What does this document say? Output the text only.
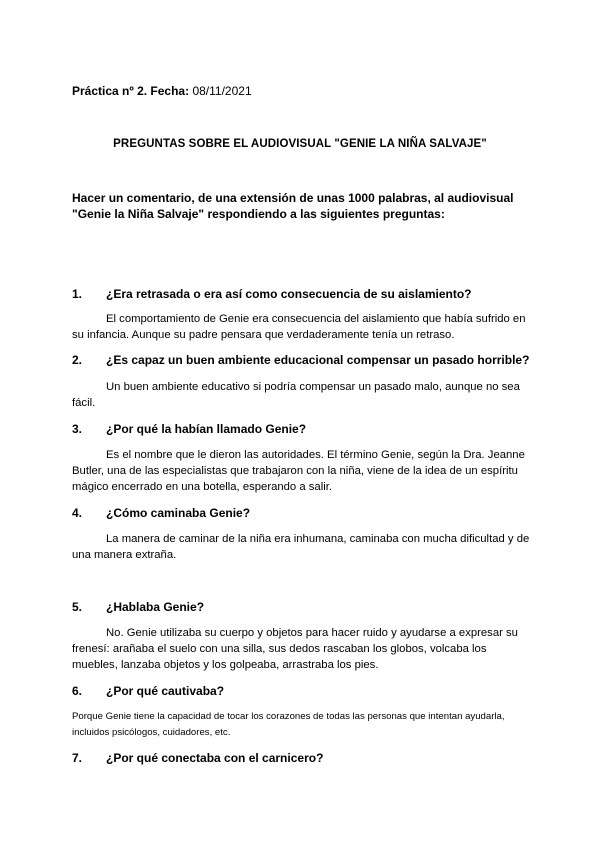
Práctica nº 2. Fecha: 08/11/2021
PREGUNTAS SOBRE EL AUDIOVISUAL "GENIE LA NIÑA SALVAJE"
Hacer un comentario, de una extensión de unas 1000 palabras, al audiovisual "Genie la Niña Salvaje" respondiendo a las siguientes preguntas:
1. ¿Era retrasada o era así como consecuencia de su aislamiento?
El comportamiento de Genie era consecuencia del aislamiento que había sufrido en su infancia. Aunque su padre pensara que verdaderamente tenía un retraso.
2. ¿Es capaz un buen ambiente educacional compensar un pasado horrible?
Un buen ambiente educativo si podría compensar un pasado malo, aunque no sea fácil.
3. ¿Por qué la habían llamado Genie?
Es el nombre que le dieron las autoridades. El término Genie, según la Dra. Jeanne Butler, una de las especialistas que trabajaron con la niña, viene de la idea de un espíritu mágico encerrado en una botella, esperando a salir.
4. ¿Cómo caminaba Genie?
La manera de caminar de la niña era inhumana, caminaba con mucha dificultad y de una manera extraña.
5. ¿Hablaba Genie?
No. Genie utilizaba su cuerpo y objetos para hacer ruido y ayudarse a expresar su frenesí: arañaba el suelo con una silla, sus dedos rascaban los globos, volcaba los muebles, lanzaba objetos y los golpeaba, arrastraba los pies.
6. ¿Por qué cautivaba?
Porque Genie tiene la capacidad de tocar los corazones de todas las personas que intentan ayudarla, incluidos psicólogos, cuidadores, etc.
7. ¿Por qué conectaba con el carnicero?
